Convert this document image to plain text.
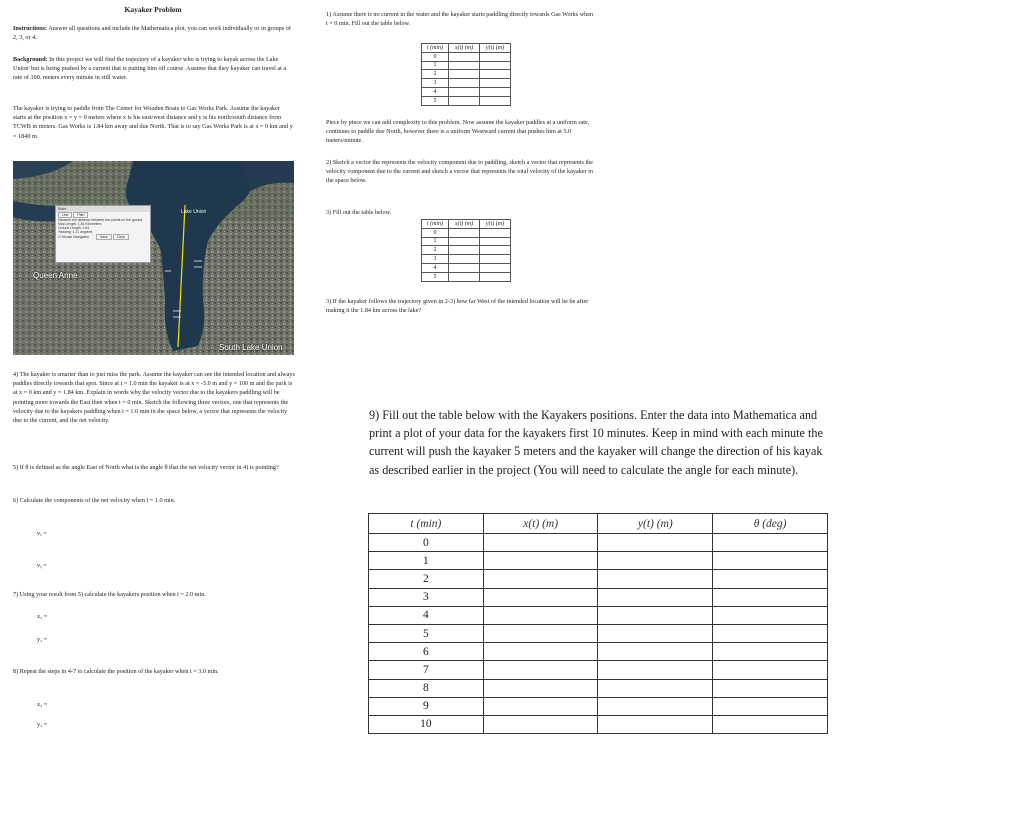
Kayaker Problem

Instructions: Answer all questions and include the Mathematica plot, you can work individually or in groups of 2, 3, or 4.

Background: In this project we will find the trajectory of a kayaker who is trying to kayak across the Lake Union' but is being pushed by a current that is putting him off course. Assume that they kayaker can travel at a rate of 100. meters every minute in still water.

The kayaker is trying to paddle from The Center for Wooden Boats to Gas Works Park. Assume the kayaker starts at the position x = y = 0 meters where x is his east/west distance and y is his north/south distance from TCWB in meters. Gas Works is 1.84 km away and due North. That is to say Gas Works Park is at x = 0 km and y = 1840 m.

Lake Union
Queen Anne
South Lake Union
Ruler
Line	Path
Measure the distance between two points on the ground
Map Length: 1.84 Kilometers
Ground Length: 1.84
Heading: 1.21 degrees
☑ Mouse Navigation	Save	Clear

4) The kayaker is smarter than to just miss the park. Assume the kayaker can see the intended location and always paddles directly towards that spot. Since at t = 1.0 min the kayaker is at x = -5.0 m and y = 100 m and the park is at x = 0 km and y = 1.84 km. Explain in words why the velocity vector due to the kayakers paddling will be pointing more towards the East then when t = 0 min. Sketch the following three vectors, one that represents the velocity due to the kayakers paddling when t = 1.0 min in the space below, a vector that represents the velocity due to the current, and the net velocity.

5) If θ is defined as the angle East of North what is the angle θ that the net velocity vector in 4) is pointing?

6) Calculate the components of the net velocity when t = 1.0 min.

vₓ =

vᵧ =

7) Using your result from 5) calculate the kayakers position when t = 2.0 min.

x₂ =

y₂ =

8) Repeat the steps in 4-7 to calculate the position of the kayaker when t = 3.0 min.

x₃ =

y₃ =

1) Assume there is no current in the water and the kayaker starts paddling directly towards Gas Works when t = 0 min. Fill out the table below.

t (min)	x(t) (m)	y(t) (m)
0		
1		
2		
3		
4		
5		

Piece by piece we can add complexity to this problem. Now assume the kayaker paddles at a uniform rate, continues to paddle due North, however there is a uniform Westward current that pushes him at 5.0 meters/minute.

2) Sketch a vector the represents the velocity component due to paddling, sketch a vector that represents the velocity component due to the current and sketch a vector that represents the total velocity of the kayaker in the space below.

3) Fill out the table below.

t (min)	x(t) (m)	y(t) (m)
0		
1		
2		
3		
4		
5		

3) If the kayaker follows the trajectory given in 2-3) how far West of the intended location will he be after making it the 1.84 km across the lake?

9) Fill out the table below with the Kayakers positions. Enter the data into Mathematica and print a plot of your data for the kayakers first 10 minutes. Keep in mind with each minute the current will push the kayaker 5 meters and the kayaker will change the direction of his kayak as described earlier in the project (You will need to calculate the angle for each minute).

t (min)	x(t) (m)	y(t) (m)	θ (deg)
0			
1			
2			
3			
4			
5			
6			
7			
8			
9			
10			
